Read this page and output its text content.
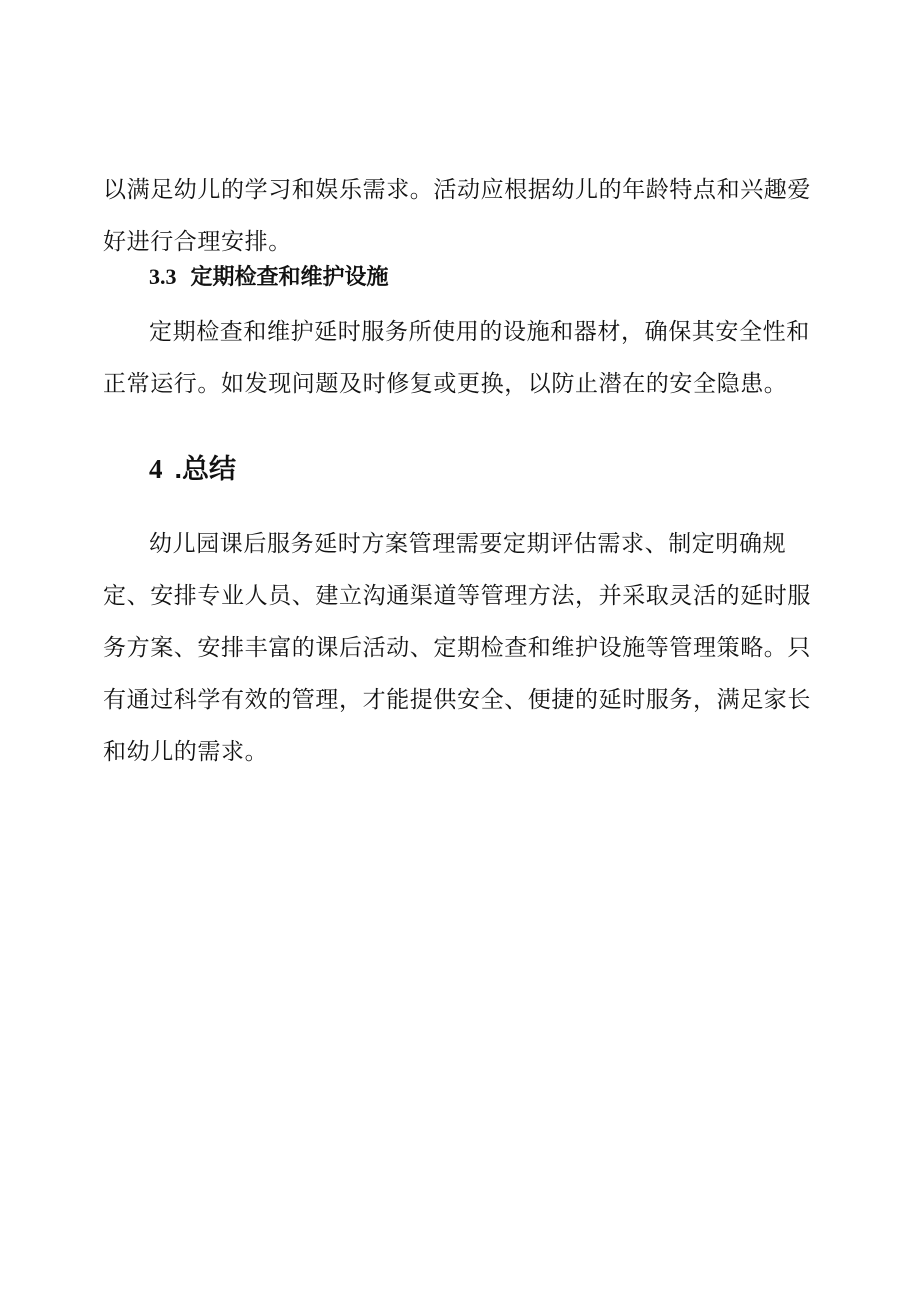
以满足幼儿的学习和娱乐需求。活动应根据幼儿的年龄特点和兴趣爱好进行合理安排。

3.3 定期检查和维护设施

定期检查和维护延时服务所使用的设施和器材，确保其安全性和正常运行。如发现问题及时修复或更换，以防止潜在的安全隐患。

4 .总结

幼儿园课后服务延时方案管理需要定期评估需求、制定明确规定、安排专业人员、建立沟通渠道等管理方法，并采取灵活的延时服务方案、安排丰富的课后活动、定期检查和维护设施等管理策略。只有通过科学有效的管理，才能提供安全、便捷的延时服务，满足家长和幼儿的需求。
